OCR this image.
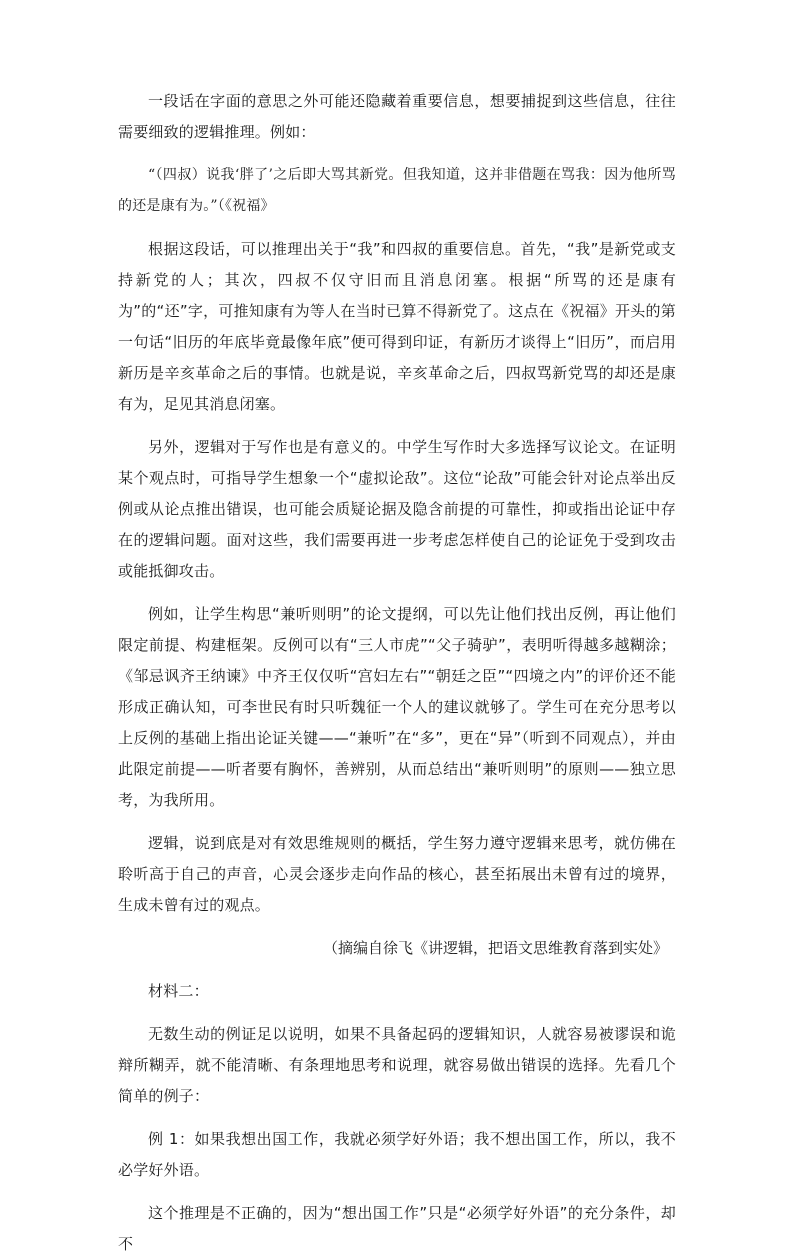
一段话在字面的意思之外可能还隐藏着重要信息，想要捕捉到这些信息，往往需要细致的逻辑推理。例如：

“（四叔）说我‘胖了’之后即大骂其新党。但我知道，这并非借题在骂我：因为他所骂的还是康有为。”（《祝福》

根据这段话，可以推理出关于“我”和四叔的重要信息。首先，“我”是新党或支持新党的人；其次，四叔不仅守旧而且消息闭塞。根据“所骂的还是康有为”的“还”字，可推知康有为等人在当时已算不得新党了。这点在《祝福》开头的第一句话“旧历的年底毕竟最像年底”便可得到印证，有新历才谈得上“旧历”，而启用新历是辛亥革命之后的事情。也就是说，辛亥革命之后，四叔骂新党骂的却还是康有为，足见其消息闭塞。

另外，逻辑对于写作也是有意义的。中学生写作时大多选择写议论文。在证明某个观点时，可指导学生想象一个“虚拟论敌”。这位“论敌”可能会针对论点举出反例或从论点推出错误，也可能会质疑论据及隐含前提的可靠性，抑或指出论证中存在的逻辑问题。面对这些，我们需要再进一步考虑怎样使自己的论证免于受到攻击或能抵御攻击。

例如，让学生构思“兼听则明”的论文提纲，可以先让他们找出反例，再让他们限定前提、构建框架。反例可以有“三人市虎”“父子骑驴”，表明听得越多越糊涂；《邹忌讽齐王纳谏》中齐王仅仅听“宫妇左右”“朝廷之臣”“四境之内”的评价还不能形成正确认知，可李世民有时只听魏征一个人的建议就够了。学生可在充分思考以上反例的基础上指出论证关键——“兼听”在“多”，更在“异”（听到不同观点），并由此限定前提——听者要有胸怀，善辨别，从而总结出“兼听则明”的原则——独立思考，为我所用。

逻辑，说到底是对有效思维规则的概括，学生努力遵守逻辑来思考，就仿佛在聆听高于自己的声音，心灵会逐步走向作品的核心，甚至拓展出未曾有过的境界，生成未曾有过的观点。

（摘编自徐飞《讲逻辑，把语文思维教育落到实处》

材料二：

无数生动的例证足以说明，如果不具备起码的逻辑知识，人就容易被谬误和诡辩所糊弄，就不能清晰、有条理地思考和说理，就容易做出错误的选择。先看几个简单的例子：

例 1：如果我想出国工作，我就必须学好外语；我不想出国工作，所以，我不必学好外语。

这个推理是不正确的，因为“想出国工作”只是“必须学好外语”的充分条件，却不
